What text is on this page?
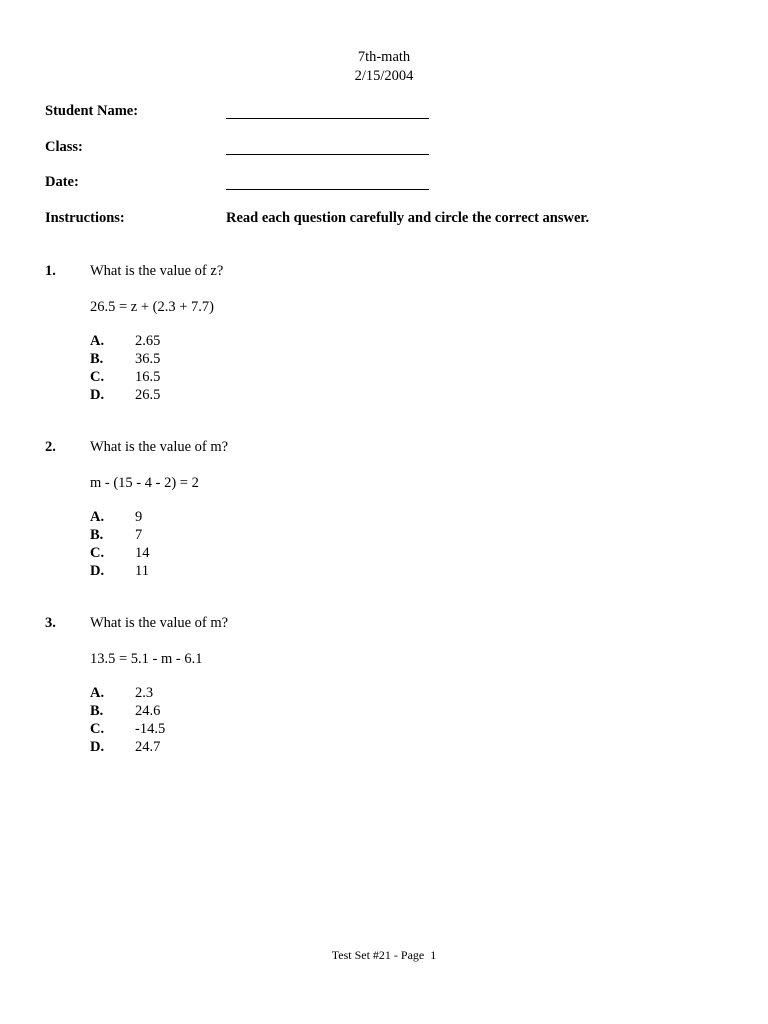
7th-math
2/15/2004
Student Name:
Class:
Date:
Instructions:	Read each question carefully and circle the correct answer.
1. What is the value of z?
26.5 = z + (2.3 + 7.7)
A. 2.65
B. 36.5
C. 16.5
D. 26.5
2. What is the value of m?
m - (15 - 4 - 2) = 2
A. 9
B. 7
C. 14
D. 11
3. What is the value of m?
13.5 = 5.1 - m - 6.1
A. 2.3
B. 24.6
C. -14.5
D. 24.7
Test Set #21 - Page  1
